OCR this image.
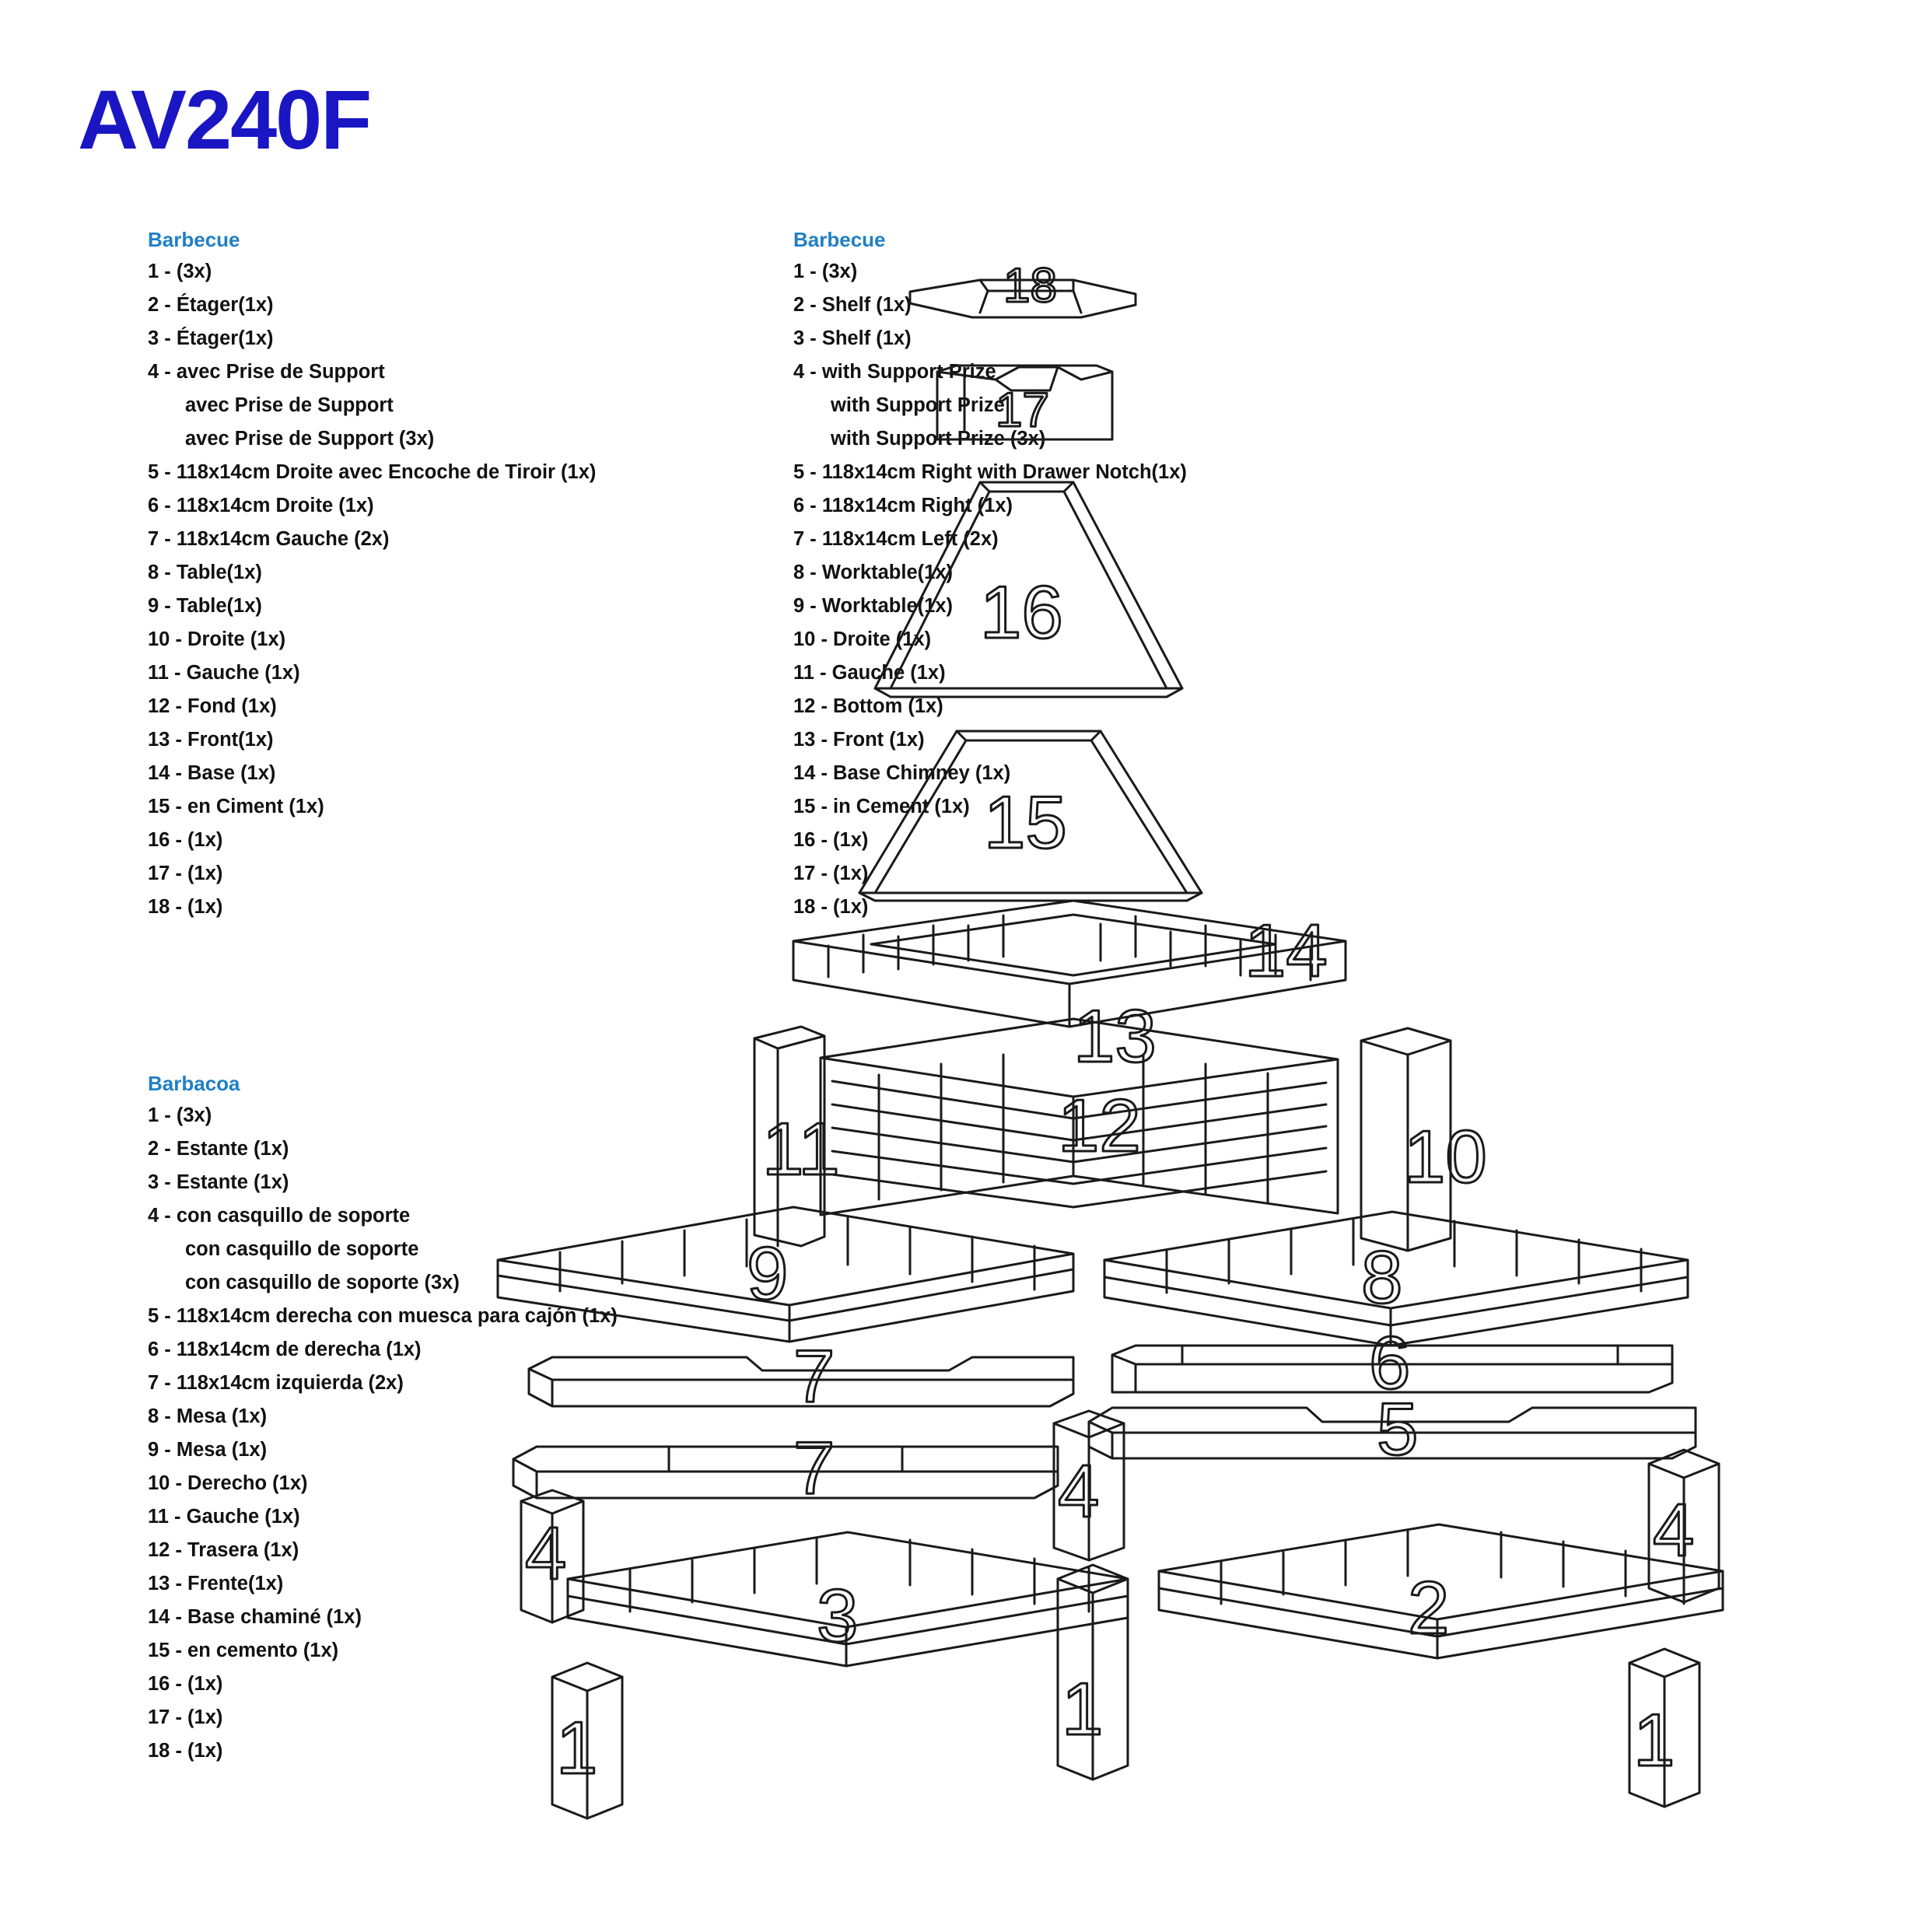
AV240F
Barbecue
1 - (3x)
2 - Étager(1x)
3 - Étager(1x)
4 - avec Prise de Support
avec Prise de Support
avec Prise de Support (3x)
5 - 118x14cm Droite avec Encoche de Tiroir (1x)
6 - 118x14cm Droite (1x)
7 - 118x14cm Gauche (2x)
8 - Table(1x)
9 - Table(1x)
10 - Droite (1x)
11 - Gauche (1x)
12 - Fond (1x)
13 - Front(1x)
14 - Base (1x)
15 - en Ciment (1x)
16 - (1x)
17 - (1x)
18 - (1x)
Barbecue
1 - (3x)
2 - Shelf (1x)
3 - Shelf (1x)
4 - with Support Prize
with Support Prize
with Support Prize (3x)
5 - 118x14cm Right with Drawer Notch(1x)
6 - 118x14cm Right (1x)
7 - 118x14cm Left (2x)
8 - Worktable(1x)
9 - Worktable(1x)
10 - Droite (1x)
11 - Gauche (1x)
12 - Bottom (1x)
13 - Front (1x)
14 - Base Chimney (1x)
15 - in Cement (1x)
16 - (1x)
17 - (1x)
18 - (1x)
Barbacoa
1 - (3x)
2 - Estante (1x)
3 - Estante (1x)
4 - con casquillo de soporte
con casquillo de soporte
con casquillo de soporte (3x)
5 - 118x14cm derecha con muesca para cajón (1x)
6 - 118x14cm de derecha (1x)
7 - 118x14cm izquierda (2x)
8 - Mesa (1x)
9 - Mesa (1x)
10 - Derecho (1x)
11 - Gauche (1x)
12 - Trasera (1x)
13 - Frente(1x)
14 - Base chaminé (1x)
15 - en cemento (1x)
16 - (1x)
17 - (1x)
18 - (1x)
18
17
16
15
14
13
12
11	10
9	8
6
5
7
7
4
4	4
3	2
1	1	1
